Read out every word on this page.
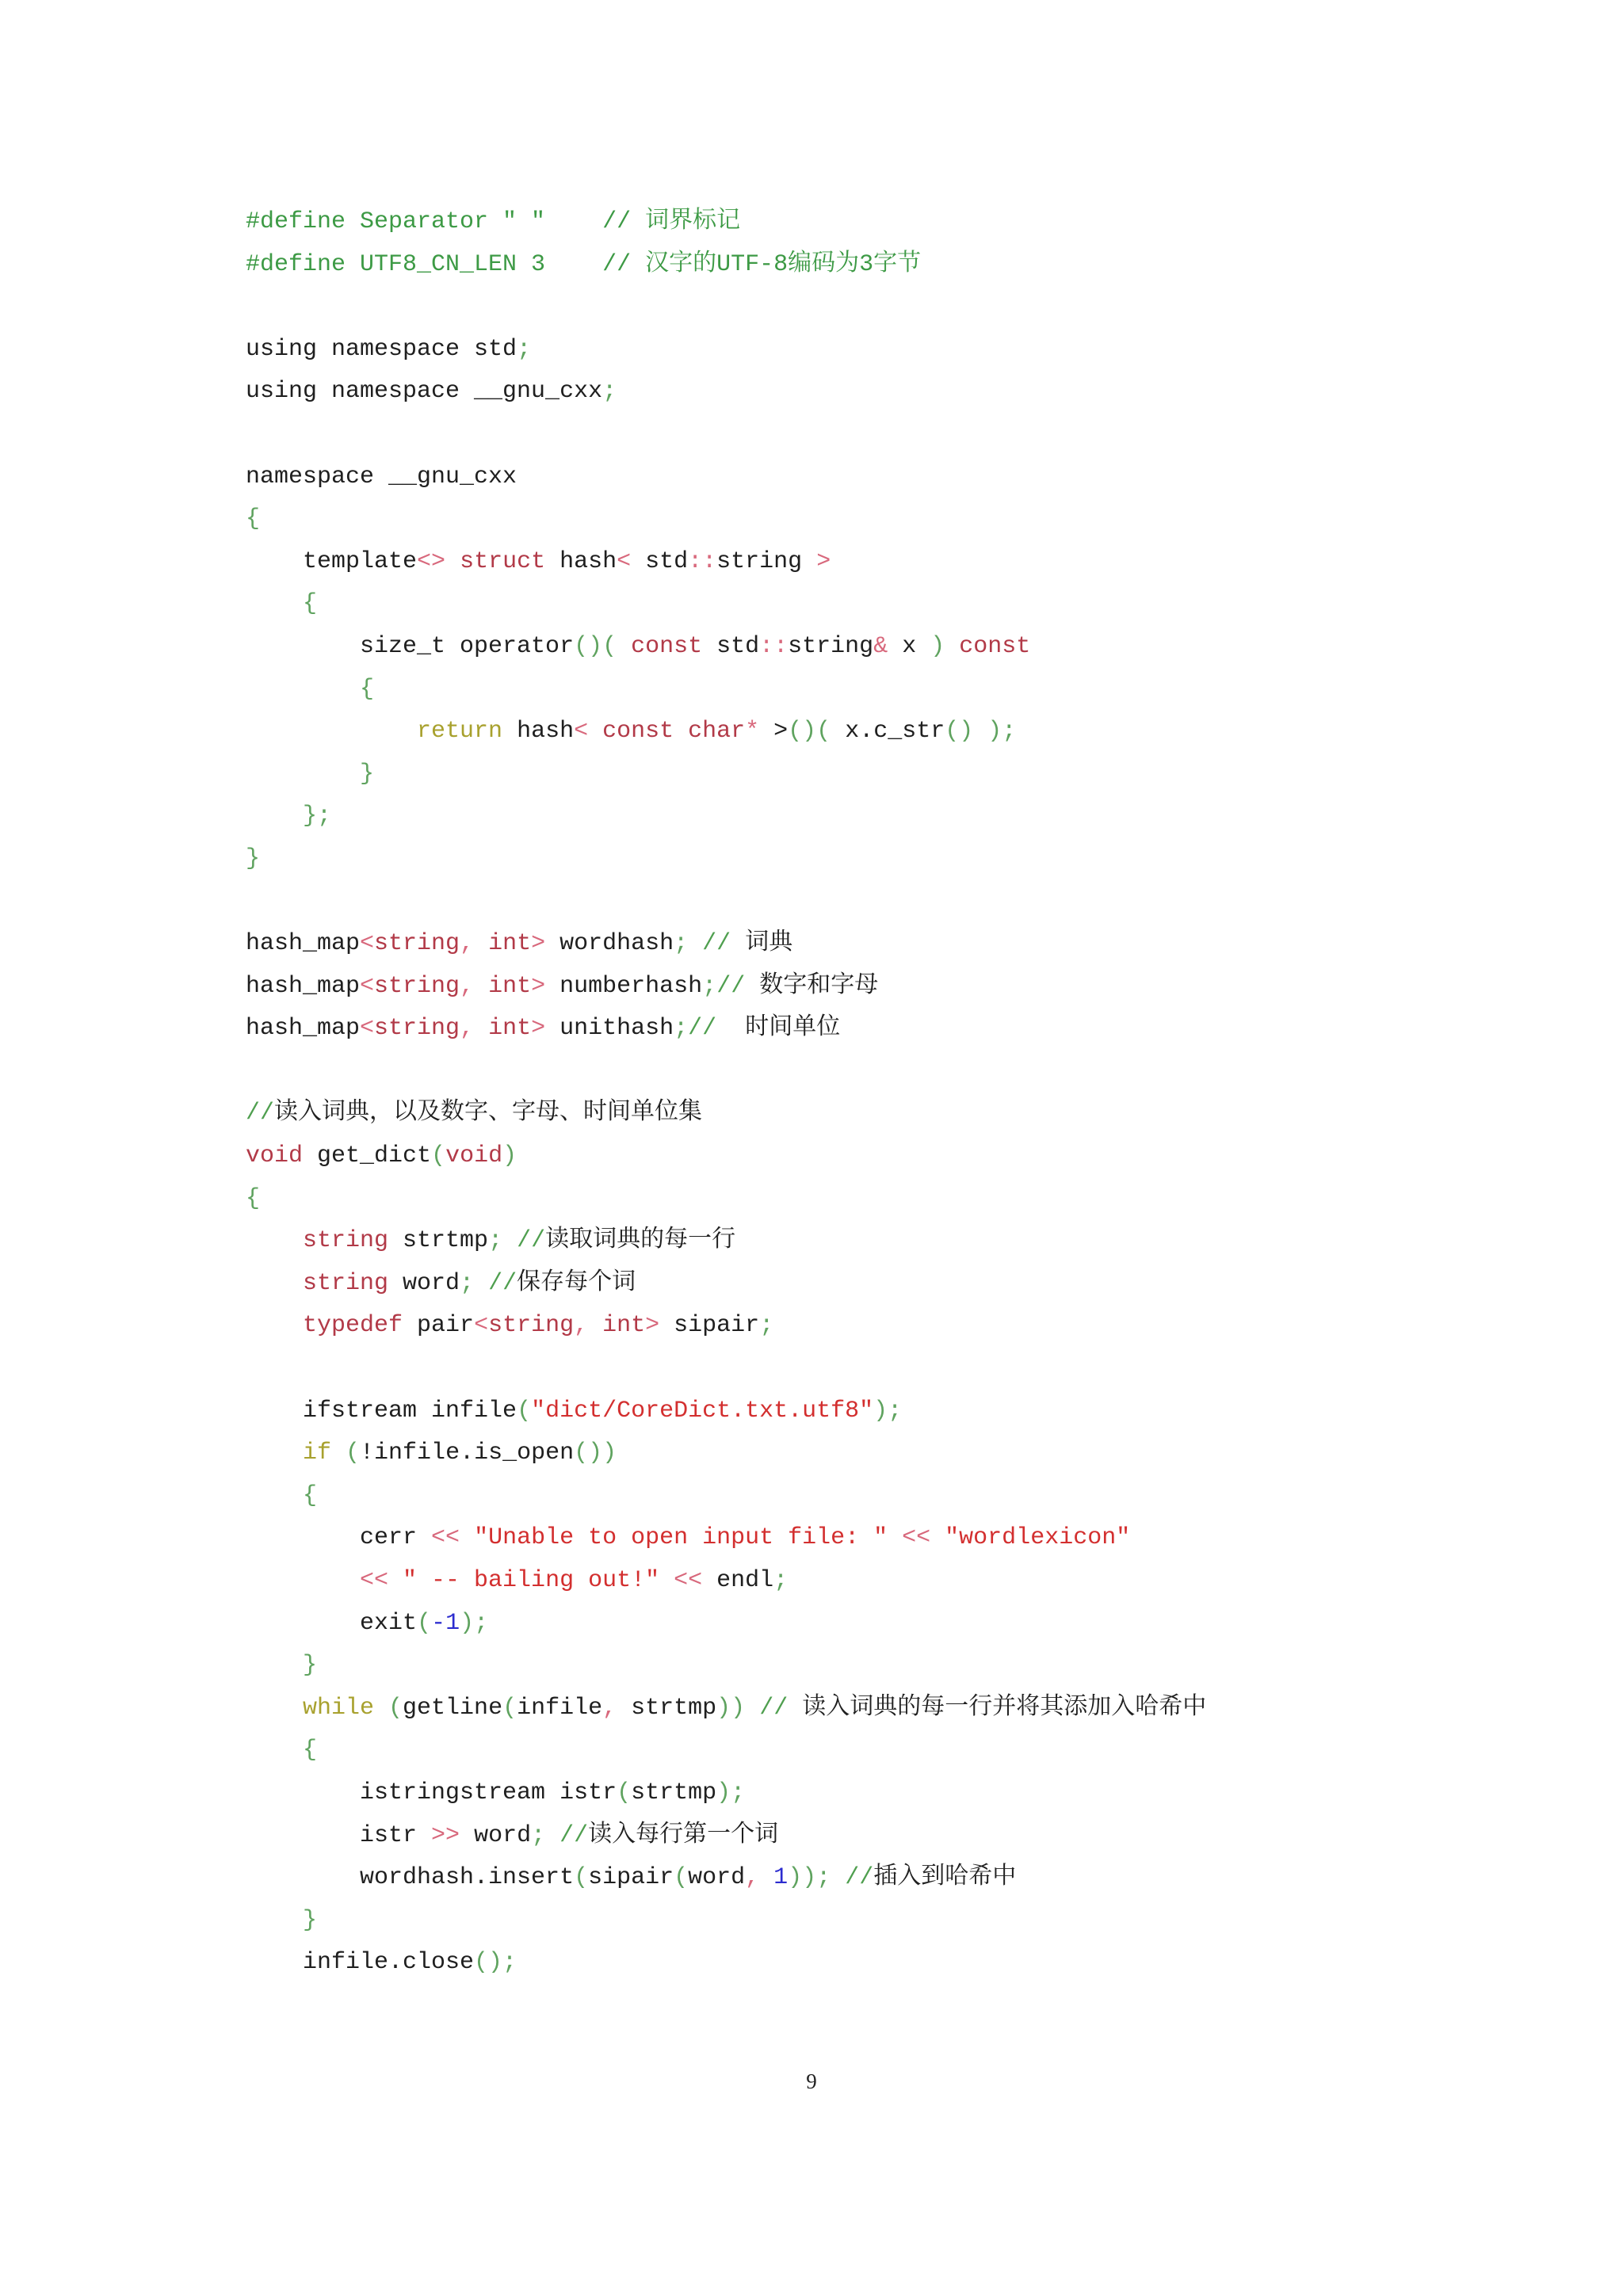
#define Separator " "    // 词界标记
#define UTF8_CN_LEN 3    // 汉字的UTF-8编码为3字节
using namespace std;
using namespace __gnu_cxx;
namespace __gnu_cxx
{
template<> struct hash< std::string >
{
size_t operator()( const std::string& x ) const
{
return hash< const char* >()( x.c_str() );
}
};
}
hash_map<string, int> wordhash; // 词典
hash_map<string, int> numberhash;// 数字和字母
hash_map<string, int> unithash;//  时间单位
//读入词典，以及数字、字母、时间单位集
void get_dict(void)
{
string strtmp; //读取词典的每一行
string word; //保存每个词
typedef pair<string, int> sipair;
ifstream infile("dict/CoreDict.txt.utf8");
if (!infile.is_open())
{
cerr << "Unable to open input file: " << "wordlexicon"
<< " -- bailing out!" << endl;
exit(-1);
}
while (getline(infile, strtmp)) // 读入词典的每一行并将其添加入哈希中
{
istringstream istr(strtmp);
istr >> word; //读入每行第一个词
wordhash.insert(sipair(word, 1)); //插入到哈希中
}
infile.close();
9
